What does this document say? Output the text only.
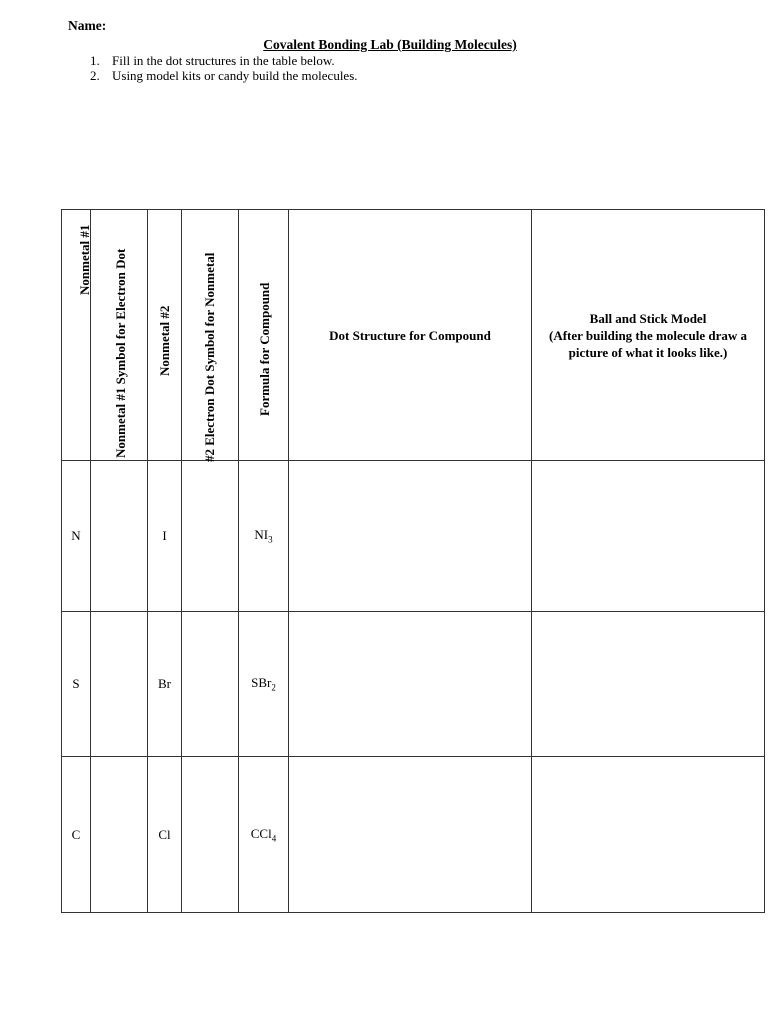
Name:
Covalent Bonding Lab (Building Molecules)
1. Fill in the dot structures in the table below.
2. Using model kits or candy build the molecules.
Nonmetal #1	Nonmetal #1 Symbol for Electron Dot	Nonmetal #2	#2 Electron Dot Symbol for Nonmetal	Formula for Compound	Dot Structure for Compound	Ball and Stick Model
(After building the molecule draw a picture of what it looks like.)

N		I		$NI_3$		
S		Br		SBr$_2$		
C		Cl		CCl$_4$		
